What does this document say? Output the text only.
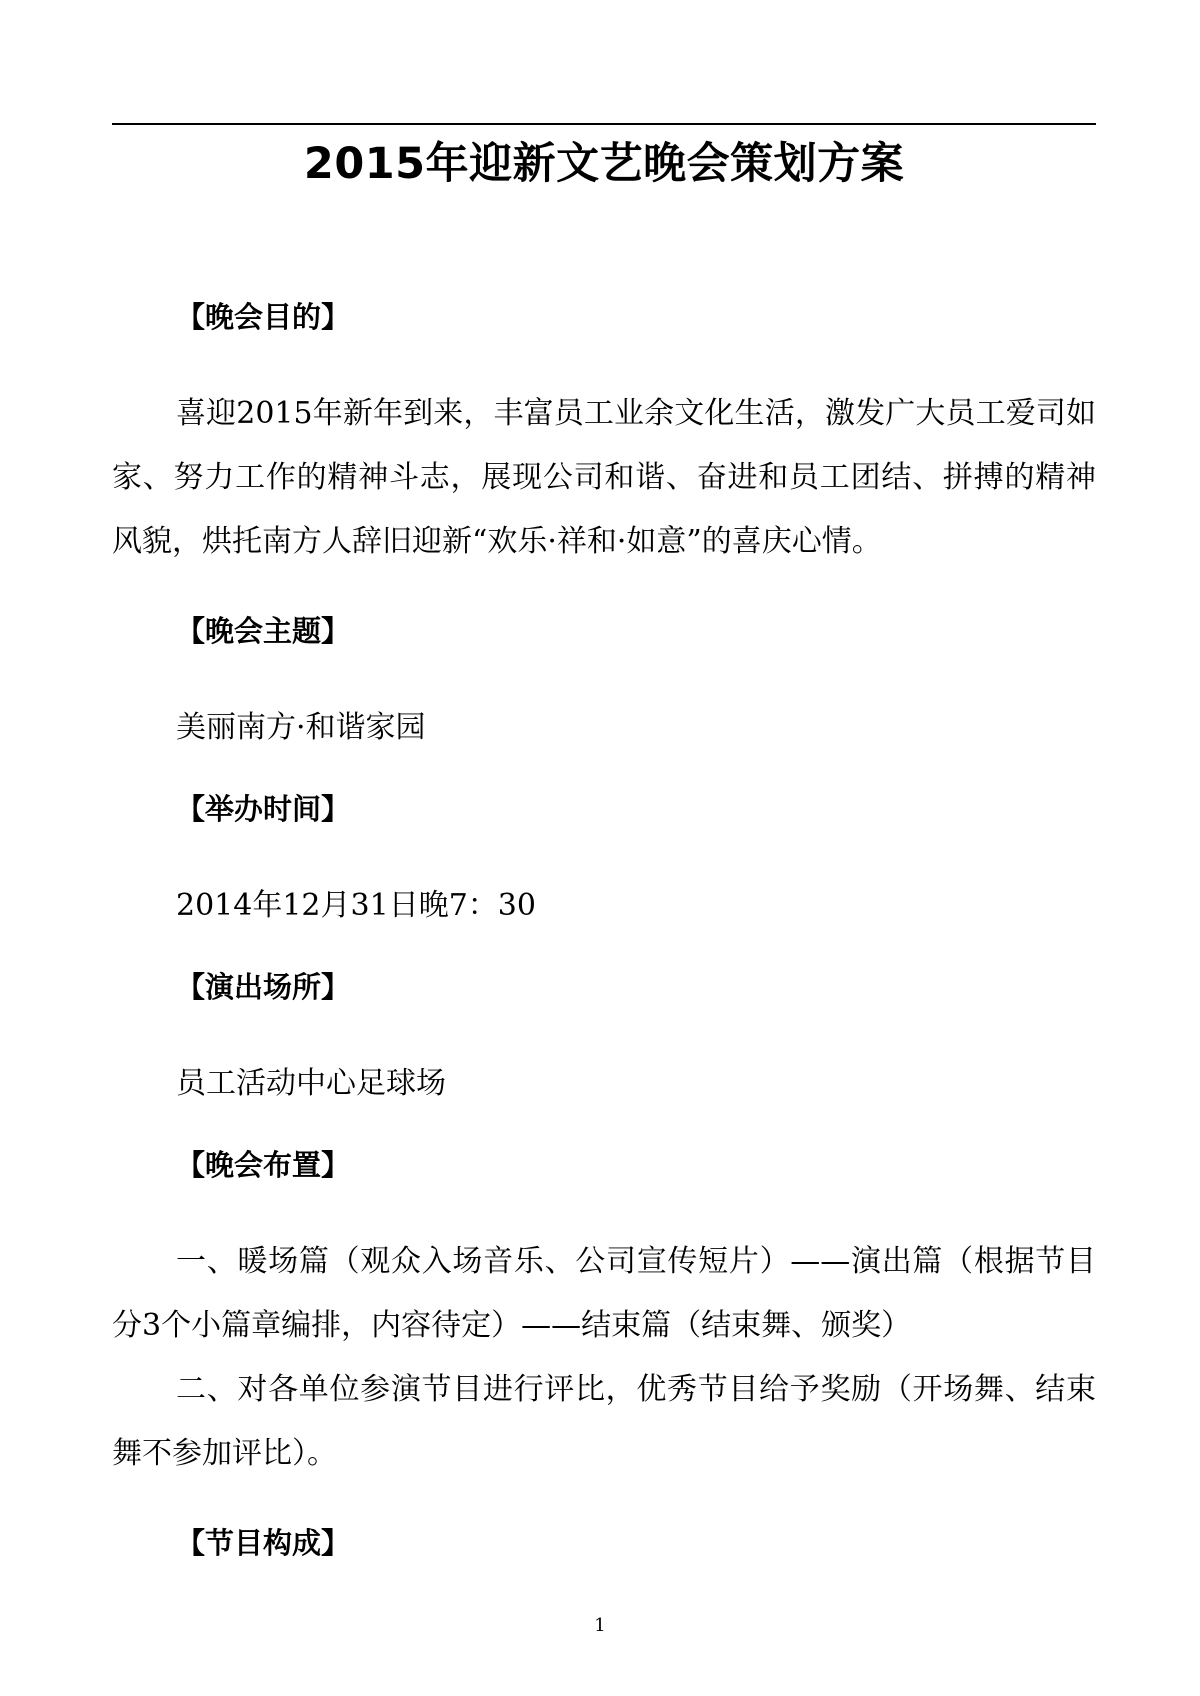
2015年迎新文艺晚会策划方案
【晚会目的】

喜迎2015年新年到来，丰富员工业余文化生活，激发广大员工爱司如家、努力工作的精神斗志，展现公司和谐、奋进和员工团结、拼搏的精神风貌，烘托南方人辞旧迎新“欢乐·祥和·如意”的喜庆心情。

【晚会主题】

美丽南方·和谐家园

【举办时间】

2014年12月31日晚7：30

【演出场所】

员工活动中心足球场

【晚会布置】

一、暖场篇（观众入场音乐、公司宣传短片）——演出篇（根据节目分3个小篇章编排，内容待定）——结束篇（结束舞、颁奖）

二、对各单位参演节目进行评比，优秀节目给予奖励（开场舞、结束舞不参加评比）。

【节目构成】
1
